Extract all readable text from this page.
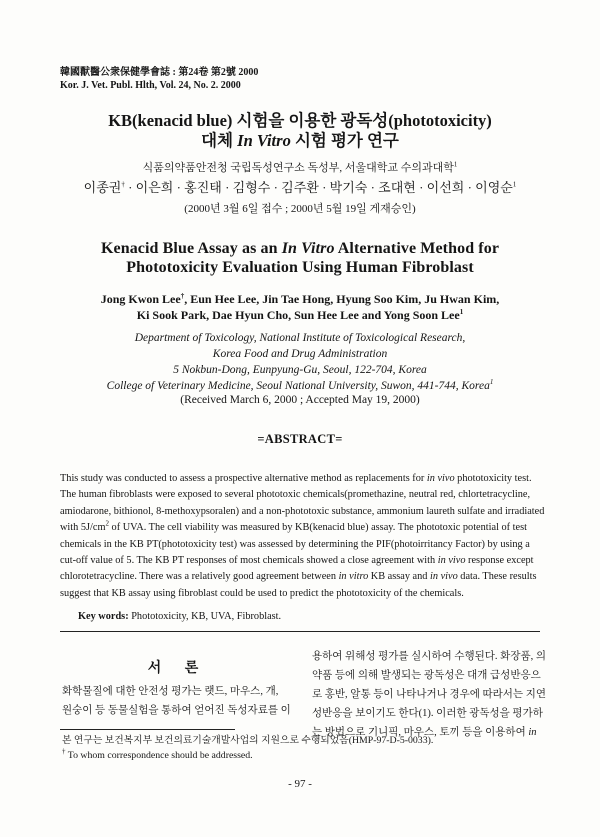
韓國獸醫公衆保健學會誌 : 第24卷 第2號 2000
Kor. J. Vet. Publ. Hlth, Vol. 24, No. 2. 2000
KB(kenacid blue) 시험을 이용한 광독성(phototoxicity)
대체 In Vitro 시험 평가 연구
식품의약품안전청 국립독성연구소 독성부, 서울대학교 수의과대학$^1$
이종권† · 이은희 · 홍진태 · 김형수 · 김주환 · 박기숙 · 조대현 · 이선희 · 이영순$^1$
(2000년 3월 6일 접수 ; 2000년 5월 19일 게재승인)
Kenacid Blue Assay as an In Vitro Alternative Method for
Phototoxicity Evaluation Using Human Fibroblast
Jong Kwon Lee†, Eun Hee Lee, Jin Tae Hong, Hyung Soo Kim, Ju Hwan Kim,
Ki Sook Park, Dae Hyun Cho, Sun Hee Lee and Yong Soon Lee$^1$
Department of Toxicology, National Institute of Toxicological Research,
Korea Food and Drug Administration
5 Nokbun-Dong, Eunpyung-Gu, Seoul, 122-704, Korea
College of Veterinary Medicine, Seoul National University, Suwon, 441-744, Korea$^1$
(Received March 6, 2000 ; Accepted May 19, 2000)
=ABSTRACT=
This study was conducted to assess a prospective alternative method as replacements for in vivo phototoxicity test.
The human fibroblasts were exposed to several phototoxic chemicals(promethazine, neutral red, chlortetracycline,
amiodarone, bithionol, 8-methoxypsoralen) and a non-phototoxic substance, ammonium laureth sulfate and irradiated
with $5J/cm^2$ of UVA. The cell viability was measured by KB(kenacid blue) assay. The phototoxic potential of test
chemicals in the KB PT(phototoxicity test) was assessed by determining the PIF(photoirritancy Factor) by using a
cut-off value of 5. The KB PT responses of most chemicals showed a close agreement with in vivo response except
chlorotetracycline. There was a relatively good agreement between in vitro KB assay and in vivo data. These results
suggest that KB assay using fibroblast could be used to predict the phototoxicity of the chemicals.
Key words: Phototoxicity, KB, UVA, Fibroblast.
서 론
화학물질에 대한 안전성 평가는 랫드, 마우스, 개,
원숭이 등 동물실험을 통하여 얻어진 독성자료를 이
용하여 위해성 평가를 실시하여 수행된다. 화장품, 의
약품 등에 의해 발생되는 광독성은 대개 급성반응으
로 홍반, 알통 등이 나타나거나 경우에 따라서는 지연
성반응을 보이기도 한다(1). 이러한 광독성을 평가하
는 방법으로 기니픽, 마우스, 토끼 등을 이용하여 in
본 연구는 보건복지부 보건의료기술개발사업의 지원으로 수행되었음(HMP-97-D-5-0033).
† To whom correspondence should be addressed.
- 97 -
